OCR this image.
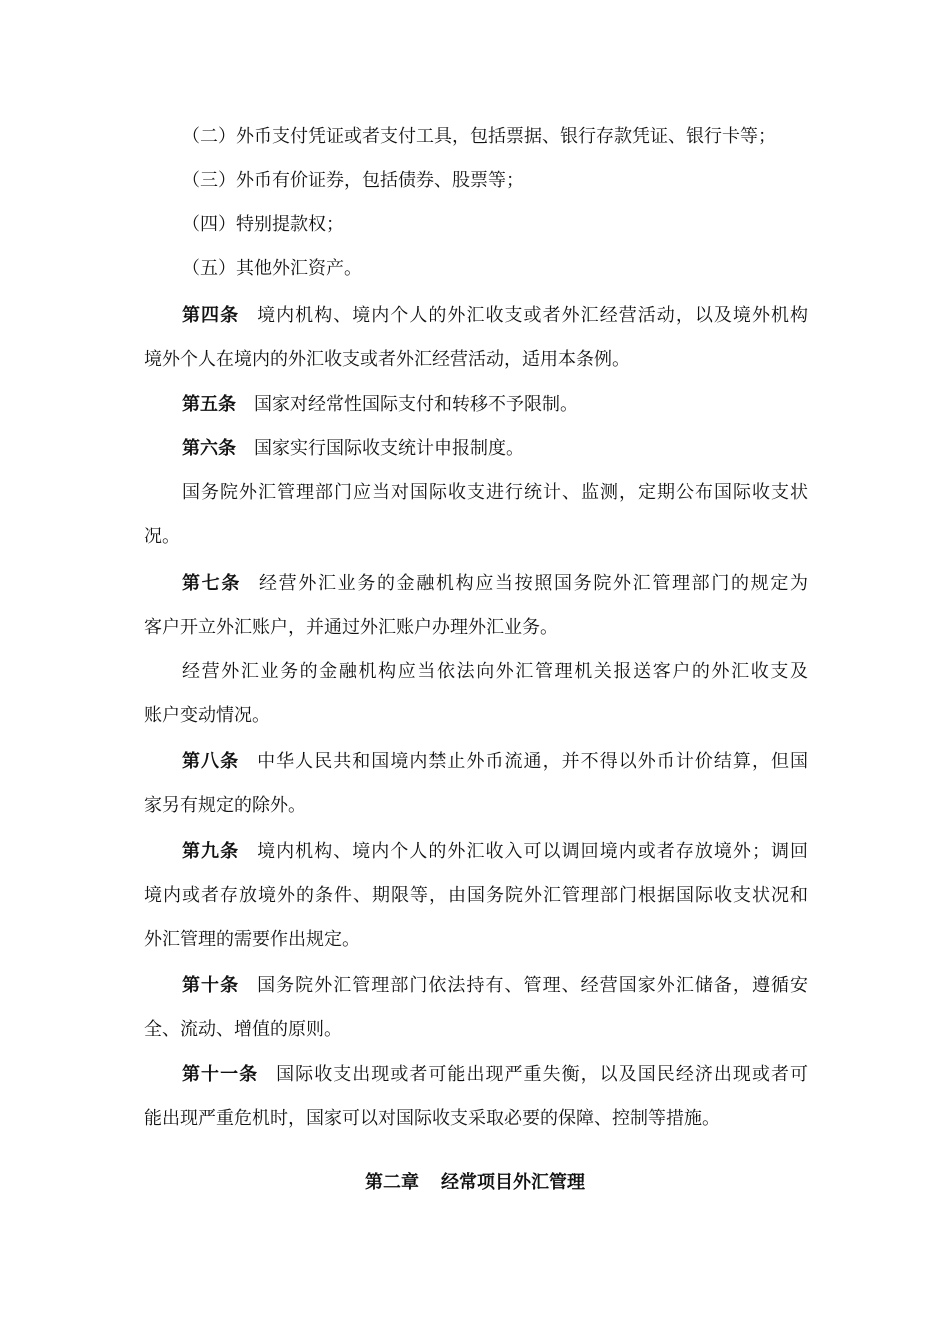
（二）外币支付凭证或者支付工具，包括票据、银行存款凭证、银行卡等；
（三）外币有价证券，包括债券、股票等；
（四）特别提款权；
（五）其他外汇资产。
第四条 境内机构、境内个人的外汇收支或者外汇经营活动，以及境外机构
境外个人在境内的外汇收支或者外汇经营活动，适用本条例。
第五条 国家对经常性国际支付和转移不予限制。
第六条 国家实行国际收支统计申报制度。
国务院外汇管理部门应当对国际收支进行统计、监测，定期公布国际收支状
况。
第七条 经营外汇业务的金融机构应当按照国务院外汇管理部门的规定为
客户开立外汇账户，并通过外汇账户办理外汇业务。
经营外汇业务的金融机构应当依法向外汇管理机关报送客户的外汇收支及
账户变动情况。
第八条 中华人民共和国境内禁止外币流通，并不得以外币计价结算，但国
家另有规定的除外。
第九条 境内机构、境内个人的外汇收入可以调回境内或者存放境外；调回
境内或者存放境外的条件、期限等，由国务院外汇管理部门根据国际收支状况和
外汇管理的需要作出规定。
第十条 国务院外汇管理部门依法持有、管理、经营国家外汇储备，遵循安
全、流动、增值的原则。
第十一条 国际收支出现或者可能出现严重失衡，以及国民经济出现或者可
能出现严重危机时，国家可以对国际收支采取必要的保障、控制等措施。
第二章 经常项目外汇管理
